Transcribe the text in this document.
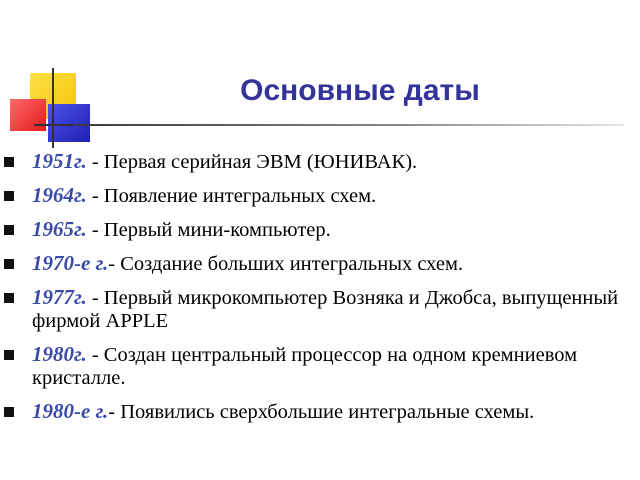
Основные даты
1951г. - Первая серийная ЭВМ (ЮНИВАК).
1964г. - Появление интегральных схем.
1965г. - Первый мини-компьютер.
1970-е г.- Создание больших интегральных схем.
1977г. - Первый микрокомпьютер Возняка и Джобса, выпущенный фирмой APPLE
1980г. - Создан центральный процессор на одном кремниевом кристалле.
1980-е г.- Появились сверхбольшие интегральные схемы.
